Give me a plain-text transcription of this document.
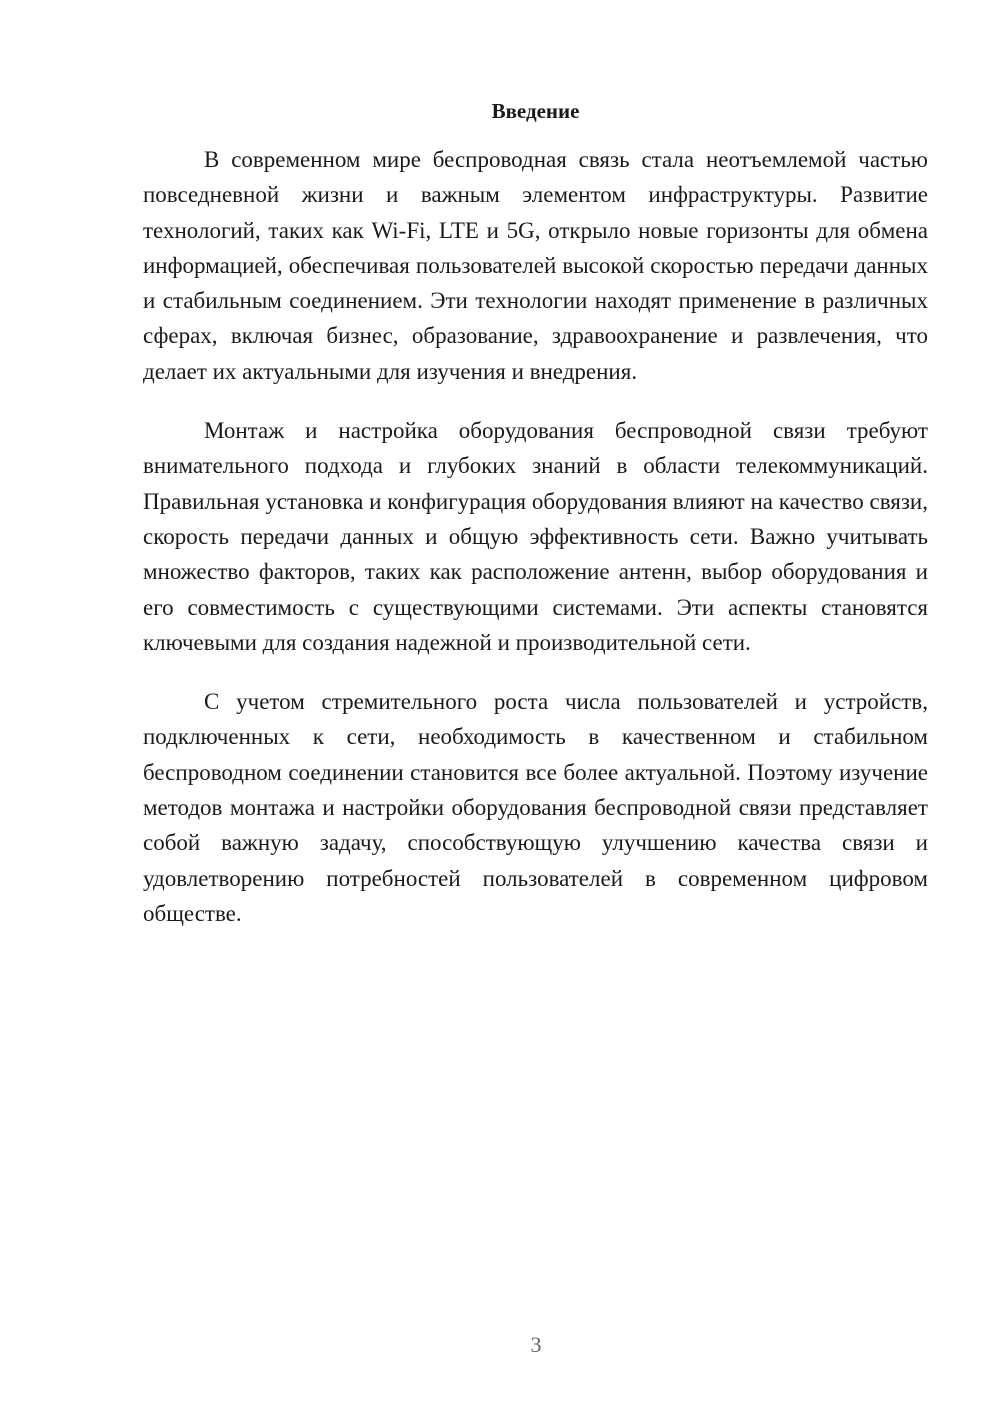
Введение

В современном мире беспроводная связь стала неотъемлемой частью повседневной жизни и важным элементом инфраструктуры. Развитие технологий, таких как Wi-Fi, LTE и 5G, открыло новые горизонты для обмена информацией, обеспечивая пользователей высокой скоростью передачи данных и стабильным соединением. Эти технологии находят применение в различных сферах, включая бизнес, образование, здравоохранение и развлечения, что делает их актуальными для изучения и внедрения.

Монтаж и настройка оборудования беспроводной связи требуют внимательного подхода и глубоких знаний в области телекоммуникаций. Правильная установка и конфигурация оборудования влияют на качество связи, скорость передачи данных и общую эффективность сети. Важно учитывать множество факторов, таких как расположение антенн, выбор оборудования и его совместимость с существующими системами. Эти аспекты становятся ключевыми для создания надежной и производительной сети.

С учетом стремительного роста числа пользователей и устройств, подключенных к сети, необходимость в качественном и стабильном беспроводном соединении становится все более актуальной. Поэтому изучение методов монтажа и настройки оборудования беспроводной связи представляет собой важную задачу, способствующую улучшению качества связи и удовлетворению потребностей пользователей в современном цифровом обществе.

3
